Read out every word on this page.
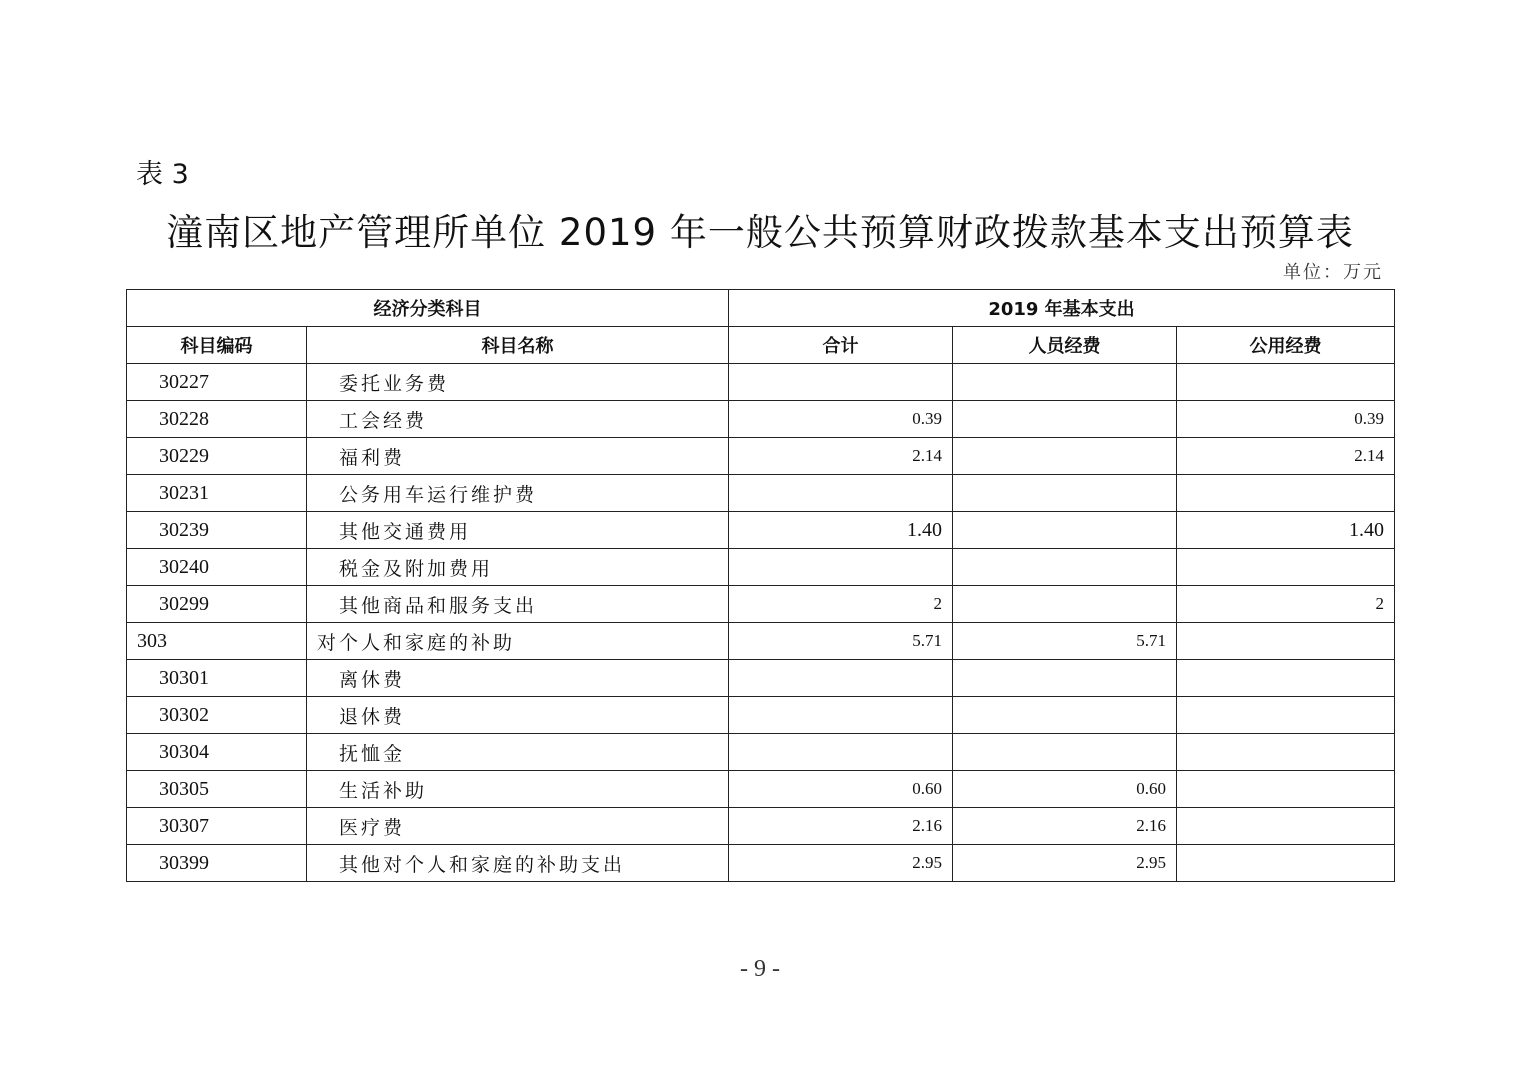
表 3
潼南区地产管理所单位 2019 年一般公共预算财政拨款基本支出预算表
单位：万元
经济分类科目		2019 年基本支出		
科目编码	科目名称	合计	人员经费	公用经费
30227	委托业务费			
30228	工会经费	0.39		0.39
30229	福利费	2.14		2.14
30231	公务用车运行维护费			
30239	其他交通费用	1.40		1.40
30240	税金及附加费用			
30299	其他商品和服务支出	2		2
303	对个人和家庭的补助	5.71	5.71	
30301	离休费			
30302	退休费			
30304	抚恤金			
30305	生活补助	0.60	0.60	
30307	医疗费	2.16	2.16	
30399	其他对个人和家庭的补助支出	2.95	2.95	
- 9 -
